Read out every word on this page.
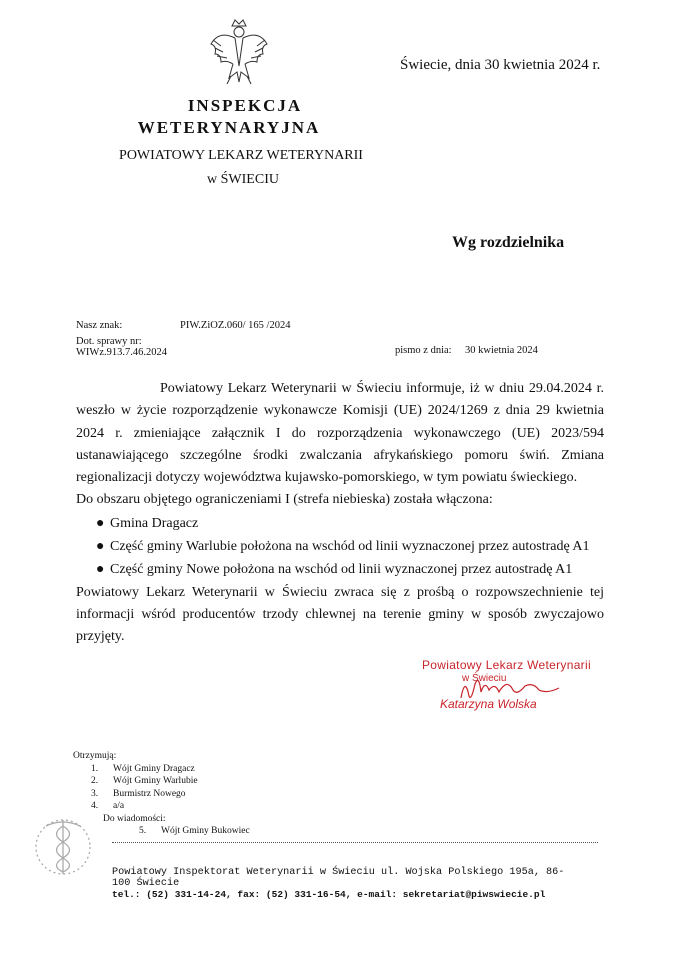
Świecie, dnia 30 kwietnia 2024 r.
INSPEKCJA
WETERYNARYJNA
POWIATOWY LEKARZ WETERYNARII
w ŚWIECIU
Wg rozdzielnika
Nasz znak:	PIW.ZiOZ.060/ 165 /2024
Dot. sprawy nr:
WIWz.913.7.46.2024	pismo z dnia: 30 kwietnia 2024

Powiatowy Lekarz Weterynarii w Świeciu informuje, iż w dniu 29.04.2024 r. weszło w życie rozporządzenie wykonawcze Komisji (UE) 2024/1269 z dnia 29 kwietnia 2024 r. zmieniające załącznik I do rozporządzenia wykonawczego (UE) 2023/594 ustanawiającego szczególne środki zwalczania afrykańskiego pomoru świń. Zmiana regionalizacji dotyczy województwa kujawsko-pomorskiego, w tym powiatu świeckiego.

Do obszaru objętego ograniczeniami I (strefa niebieska) została włączona:

● Gmina Dragacz
● Część gminy Warlubie położona na wschód od linii wyznaczonej przez autostradę A1
● Część gminy Nowe położona na wschód od linii wyznaczonej przez autostradę A1

Powiatowy Lekarz Weterynarii w Świeciu zwraca się z prośbą o rozpowszechnienie tej informacji wśród producentów trzody chlewnej na terenie gminy w sposób zwyczajowo przyjęty.

Powiatowy Lekarz Weterynarii
w Świeciu
Katarzyna Wolska
Otrzymują:
1.	Wójt Gminy Dragacz
2.	Wójt Gminy Warlubie
3.	Burmistrz Nowego
4.	a/a
Do wiadomości:
5.	Wójt Gminy Bukowiec
Powiatowy Inspektorat Weterynarii w Świeciu ul. Wojska Polskiego 195a, 86-100 Świecie
tel.: (52) 331-14-24, fax: (52) 331-16-54, e-mail: sekretariat@piwswiecie.pl
